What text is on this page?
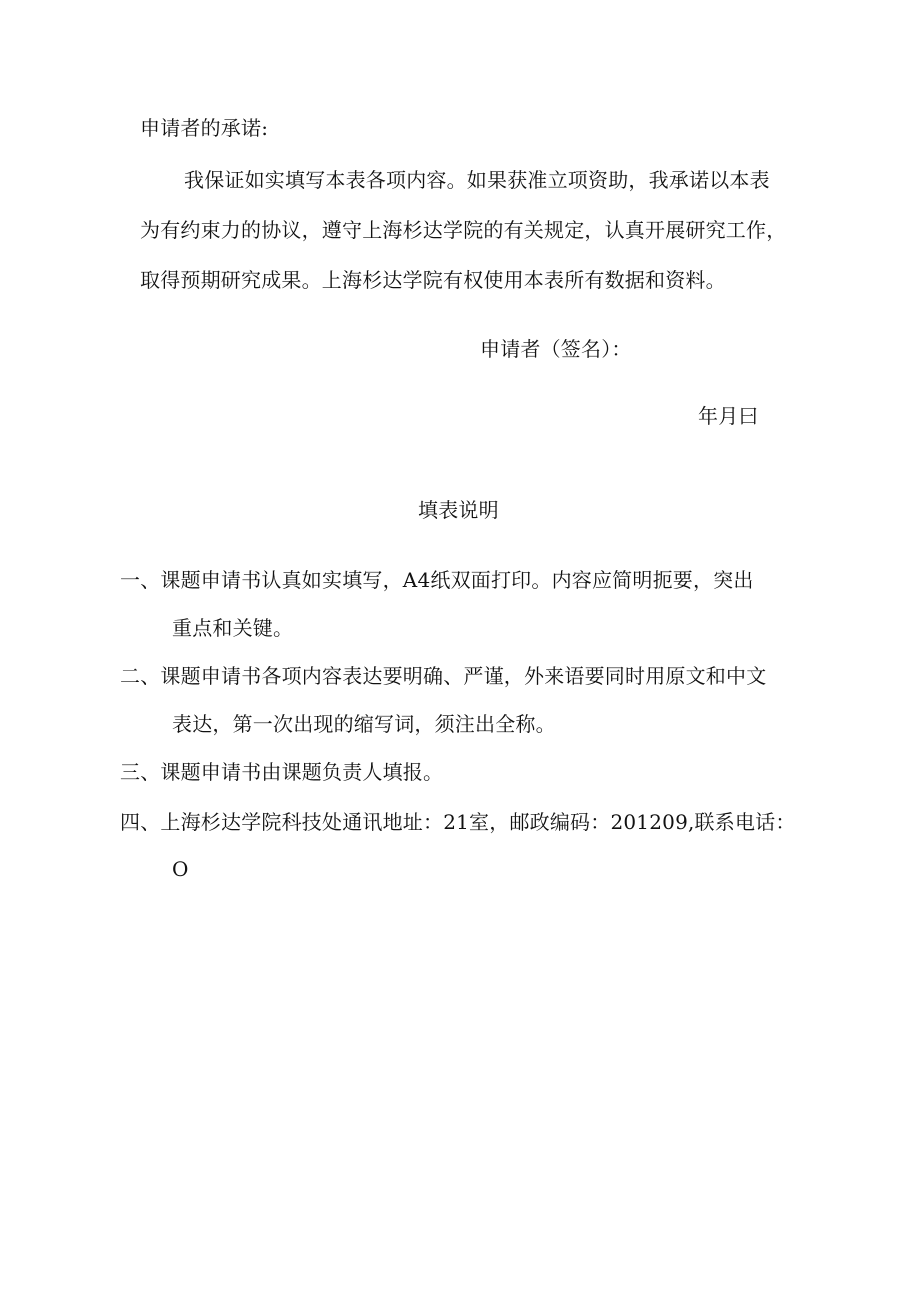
申请者的承诺:
我保证如实填写本表各项内容。如果获准立项资助，我承诺以本表
为有约束力的协议，遵守上海杉达学院的有关规定，认真开展研究工作，
取得预期研究成果。上海杉达学院有权使用本表所有数据和资料。
申请者（签名）：
年月曰
填表说明
一、课题申请书认真如实填写，A4纸双面打印。内容应简明扼要，突出
重点和关键。
二、课题申请书各项内容表达要明确、严谨，外来语要同时用原文和中文
表达，第一次出现的缩写词，须注出全称。
三、课题申请书由课题负责人填报。
四、上海杉达学院科技处通讯地址：21室，邮政编码：201209,联系电话：
O
